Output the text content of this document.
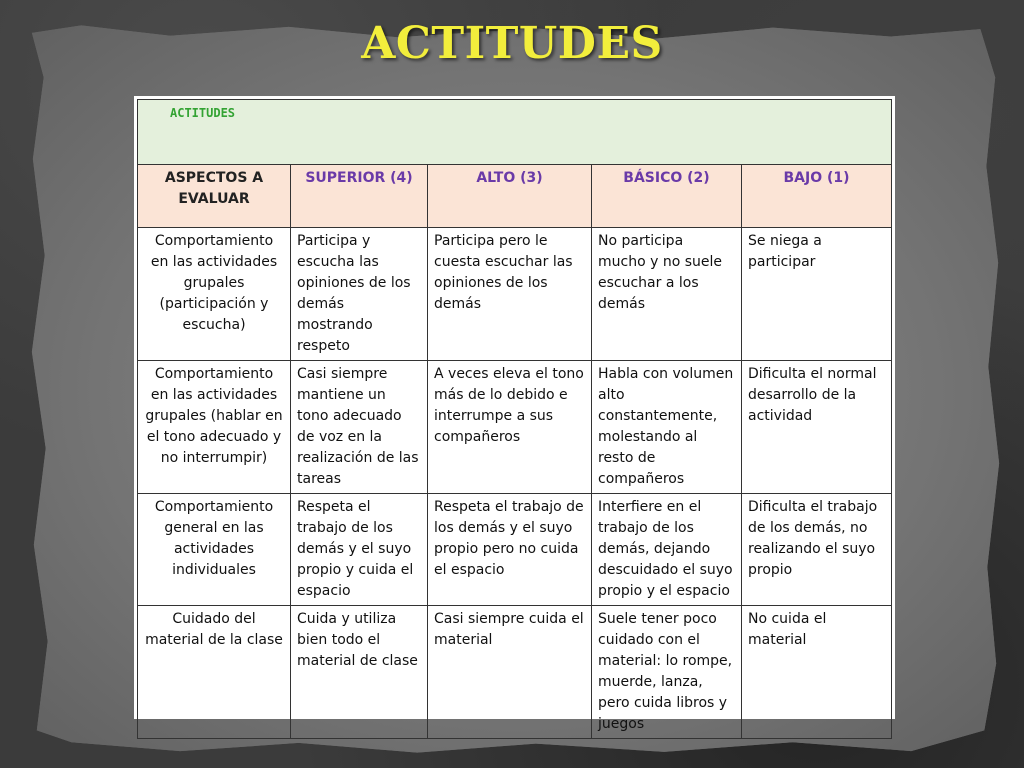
ACTITUDES
ACTITUDES				
ASPECTOS A EVALUAR	SUPERIOR (4)	ALTO (3)	BÁSICO (2)	BAJO (1)
Comportamiento en las actividades grupales (participación y escucha)	Participa y escucha las opiniones de los demás mostrando respeto	Participa pero le cuesta escuchar las opiniones de los demás	No participa mucho y no suele escuchar a los demás	Se niega a participar
Comportamiento en las actividades grupales (hablar en el tono adecuado y no interrumpir)	Casi siempre mantiene un tono adecuado de voz en la realización de las tareas	A veces eleva el tono más de lo debido e interrumpe a sus compañeros	Habla con volumen alto constantemente, molestando al resto de compañeros	Dificulta el normal desarrollo de la actividad
Comportamiento general en las actividades individuales	Respeta el trabajo de los demás y el suyo propio y cuida el espacio	Respeta el trabajo de los demás y el suyo propio pero no cuida el espacio	Interfiere en el trabajo de los demás, dejando descuidado el suyo propio y el espacio	Dificulta el trabajo de los demás, no realizando el suyo propio
Cuidado del material de la clase	Cuida y utiliza bien todo el material de clase	Casi siempre cuida el material	Suele tener poco cuidado con el material: lo rompe, muerde, lanza, pero cuida libros y juegos	No cuida el material
